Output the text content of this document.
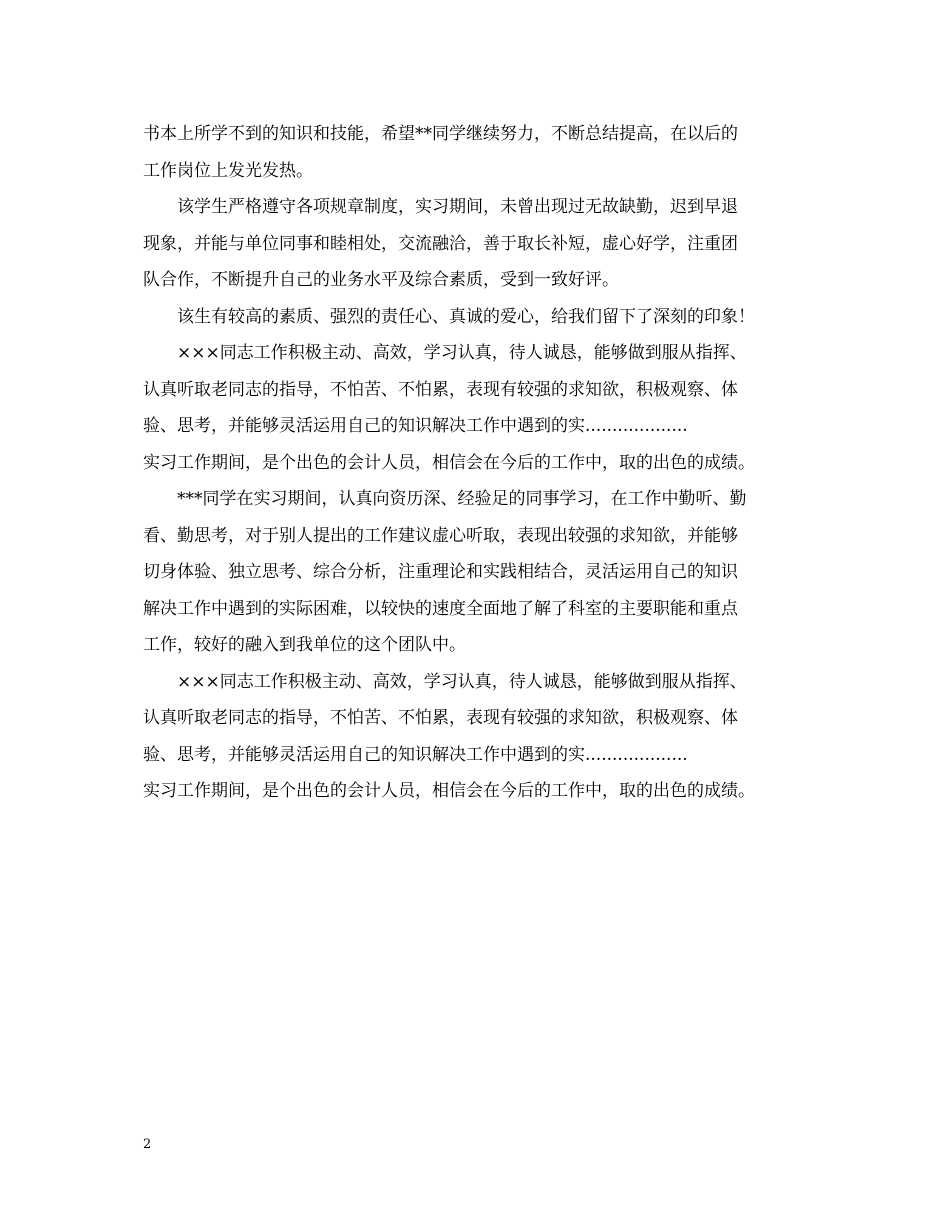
书本上所学不到的知识和技能，希望**同学继续努力，不断总结提高，在以后的
工作岗位上发光发热。
该学生严格遵守各项规章制度，实习期间，未曾出现过无故缺勤，迟到早退
现象，并能与单位同事和睦相处，交流融洽，善于取长补短，虚心好学，注重团
队合作，不断提升自己的业务水平及综合素质，受到一致好评。
该生有较高的素质、强烈的责任心、真诚的爱心，给我们留下了深刻的印象！
×××同志工作积极主动、高效，学习认真，待人诚恳，能够做到服从指挥、
认真听取老同志的指导，不怕苦、不怕累，表现有较强的求知欲，积极观察、体
验、思考，并能够灵活运用自己的知识解决工作中遇到的实...................
实习工作期间，是个出色的会计人员，相信会在今后的工作中，取的出色的成绩。
***同学在实习期间，认真向资历深、经验足的同事学习，在工作中勤听、勤
看、勤思考，对于别人提出的工作建议虚心听取，表现出较强的求知欲，并能够
切身体验、独立思考、综合分析，注重理论和实践相结合，灵活运用自己的知识
解决工作中遇到的实际困难，以较快的速度全面地了解了科室的主要职能和重点
工作，较好的融入到我单位的这个团队中。
×××同志工作积极主动、高效，学习认真，待人诚恳，能够做到服从指挥、
认真听取老同志的指导，不怕苦、不怕累，表现有较强的求知欲，积极观察、体
验、思考，并能够灵活运用自己的知识解决工作中遇到的实...................
实习工作期间，是个出色的会计人员，相信会在今后的工作中，取的出色的成绩。
2
